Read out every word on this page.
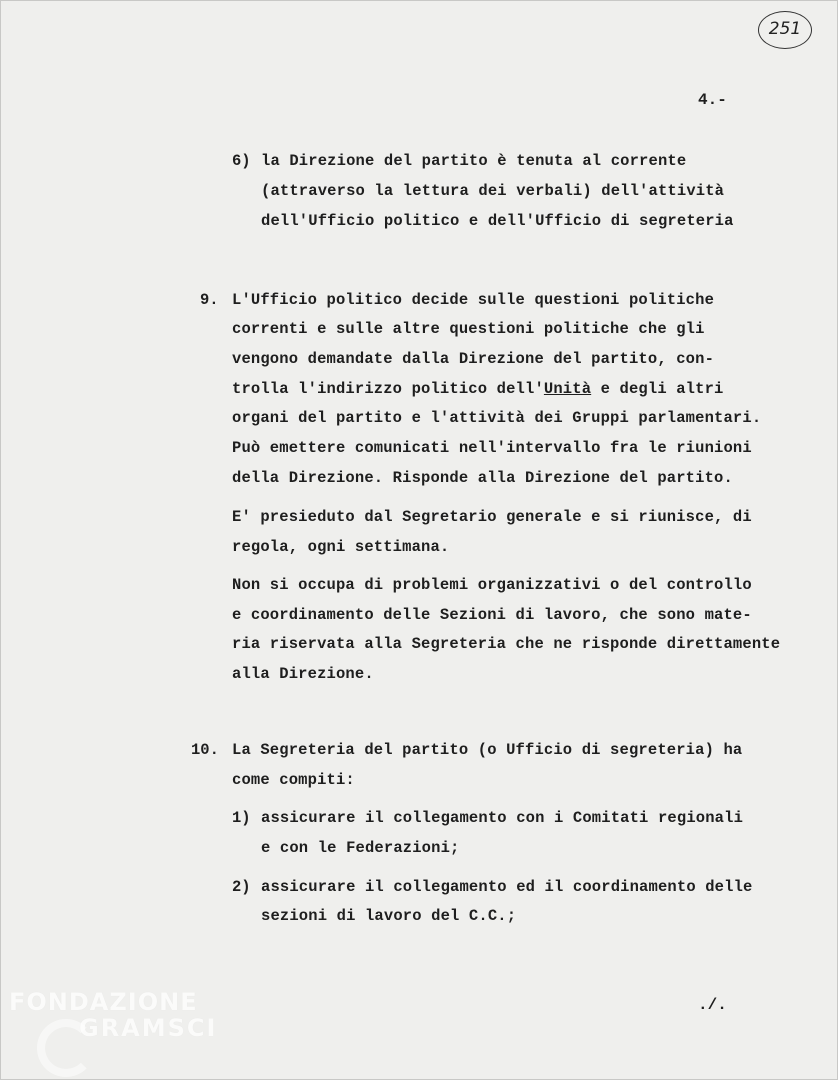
251
4.-
6) la Direzione del partito è tenuta al corrente
(attraverso la lettura dei verbali) dell'attività
dell'Ufficio politico e dell'Ufficio di segreteria
9. L'Ufficio politico decide sulle questioni politiche
correnti e sulle altre questioni politiche che gli
vengono demandate dalla Direzione del partito, con-
trolla l'indirizzo politico dell'Unità e degli altri
organi del partito e l'attività dei Gruppi parlamentari.
Può emettere comunicati nell'intervallo fra le riunioni
della Direzione. Risponde alla Direzione del partito.
E' presieduto dal Segretario generale e si riunisce, di
regola, ogni settimana.
Non si occupa di problemi organizzativi o del controllo
e coordinamento delle Sezioni di lavoro, che sono mate-
ria riservata alla Segreteria che ne risponde direttamente
alla Direzione.
10. La Segreteria del partito (o Ufficio di segreteria) ha
come compiti:
1) assicurare il collegamento con i Comitati regionali
e con le Federazioni;
2) assicurare il collegamento ed il coordinamento delle
sezioni di lavoro del C.C.;
./.
FONDAZIONE
GRAMSCI
